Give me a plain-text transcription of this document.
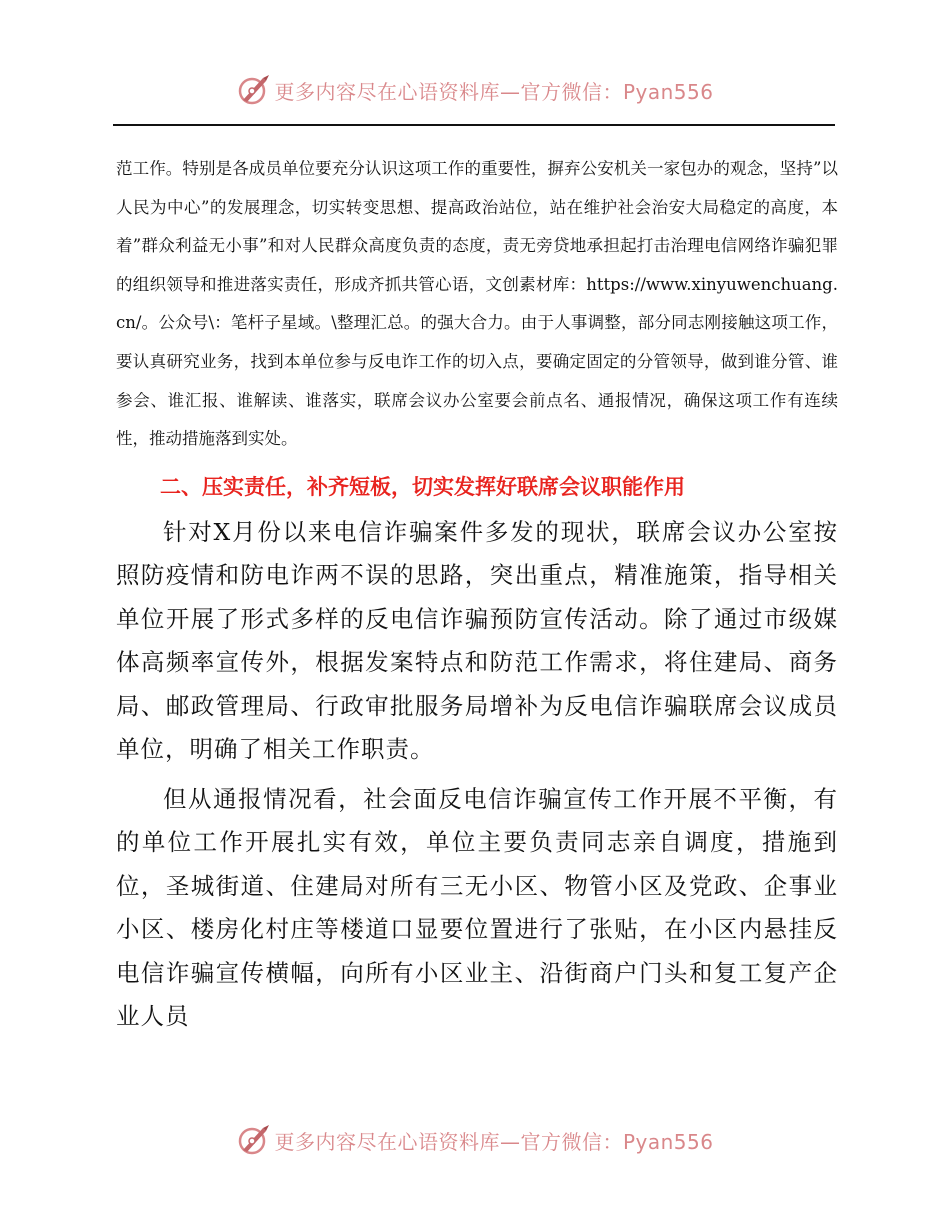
更多内容尽在心语资料库—官方微信：Pyan556

范工作。特别是各成员单位要充分认识这项工作的重要性，摒弃公安机关一家包办的观念，坚持”以人民为中心”的发展理念，切实转变思想、提高政治站位，站在维护社会治安大局稳定的高度，本着”群众利益无小事”和对人民群众高度负责的态度，责无旁贷地承担起打击治理电信网络诈骗犯罪的组织领导和推进落实责任，形成齐抓共管心语，文创素材库：https://www.xinyuwenchuang.cn/。公众号\：笔杆子星域。\整理汇总。的强大合力。由于人事调整，部分同志刚接触这项工作，要认真研究业务，找到本单位参与反电诈工作的切入点，要确定固定的分管领导，做到谁分管、谁参会、谁汇报、谁解读、谁落实，联席会议办公室要会前点名、通报情况，确保这项工作有连续性，推动措施落到实处。

二、压实责任，补齐短板，切实发挥好联席会议职能作用

针对X月份以来电信诈骗案件多发的现状，联席会议办公室按照防疫情和防电诈两不误的思路，突出重点，精准施策，指导相关单位开展了形式多样的反电信诈骗预防宣传活动。除了通过市级媒体高频率宣传外，根据发案特点和防范工作需求，将住建局、商务局、邮政管理局、行政审批服务局增补为反电信诈骗联席会议成员单位，明确了相关工作职责。

但从通报情况看，社会面反电信诈骗宣传工作开展不平衡，有的单位工作开展扎实有效，单位主要负责同志亲自调度，措施到位，圣城街道、住建局对所有三无小区、物管小区及党政、企事业小区、楼房化村庄等楼道口显要位置进行了张贴，在小区内悬挂反电信诈骗宣传横幅，向所有小区业主、沿街商户门头和复工复产企业人员

更多内容尽在心语资料库—官方微信：Pyan556
